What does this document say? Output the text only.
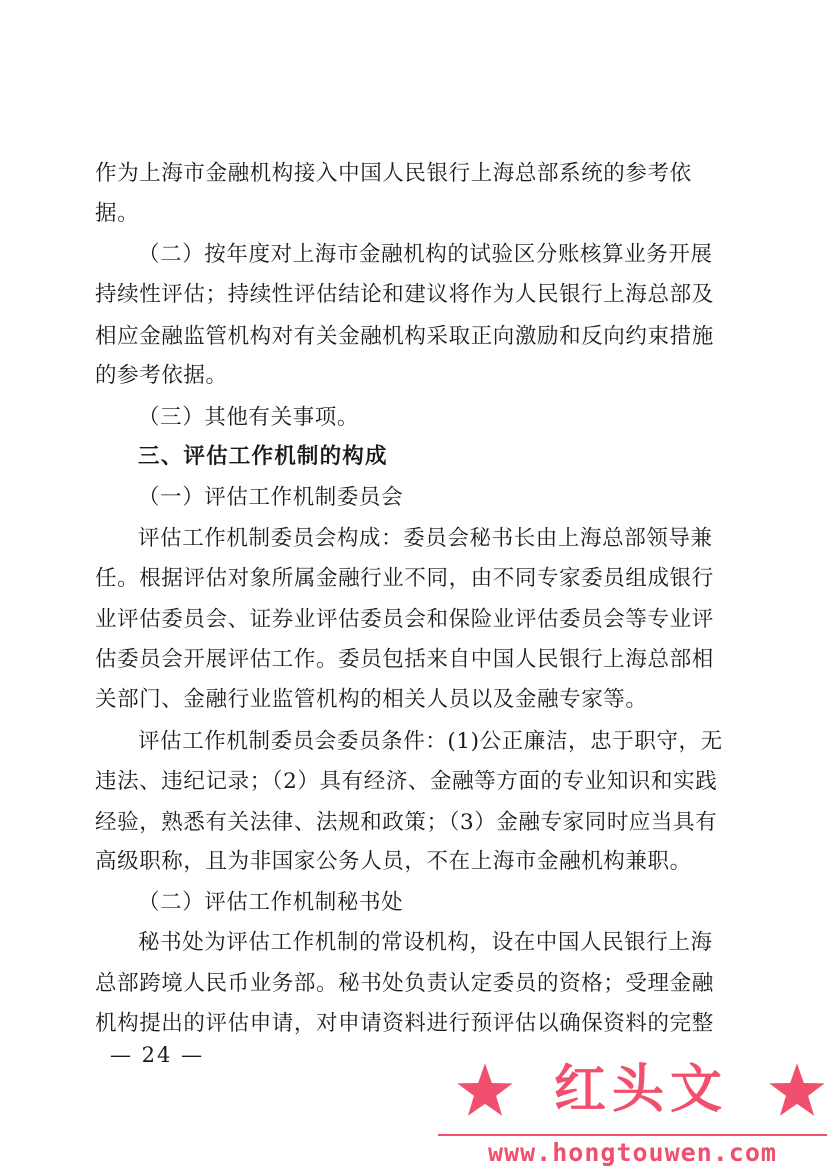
作为上海市金融机构接入中国人民银行上海总部系统的参考依
据。
（二）按年度对上海市金融机构的试验区分账核算业务开展
持续性评估；持续性评估结论和建议将作为人民银行上海总部及
相应金融监管机构对有关金融机构采取正向激励和反向约束措施
的参考依据。
（三）其他有关事项。
三、评估工作机制的构成
（一）评估工作机制委员会
评估工作机制委员会构成：委员会秘书长由上海总部领导兼
任。根据评估对象所属金融行业不同，由不同专家委员组成银行
业评估委员会、证券业评估委员会和保险业评估委员会等专业评
估委员会开展评估工作。委员包括来自中国人民银行上海总部相
关部门、金融行业监管机构的相关人员以及金融专家等。
评估工作机制委员会委员条件：(1)公正廉洁，忠于职守，无
违法、违纪记录；（2）具有经济、金融等方面的专业知识和实践
经验，熟悉有关法律、法规和政策；（3）金融专家同时应当具有
高级职称，且为非国家公务人员，不在上海市金融机构兼职。
（二）评估工作机制秘书处
秘书处为评估工作机制的常设机构，设在中国人民银行上海
总部跨境人民币业务部。秘书处负责认定委员的资格；受理金融
机构提出的评估申请，对申请资料进行预评估以确保资料的完整
— 24 —
红头文
www.hongtouwen.com
